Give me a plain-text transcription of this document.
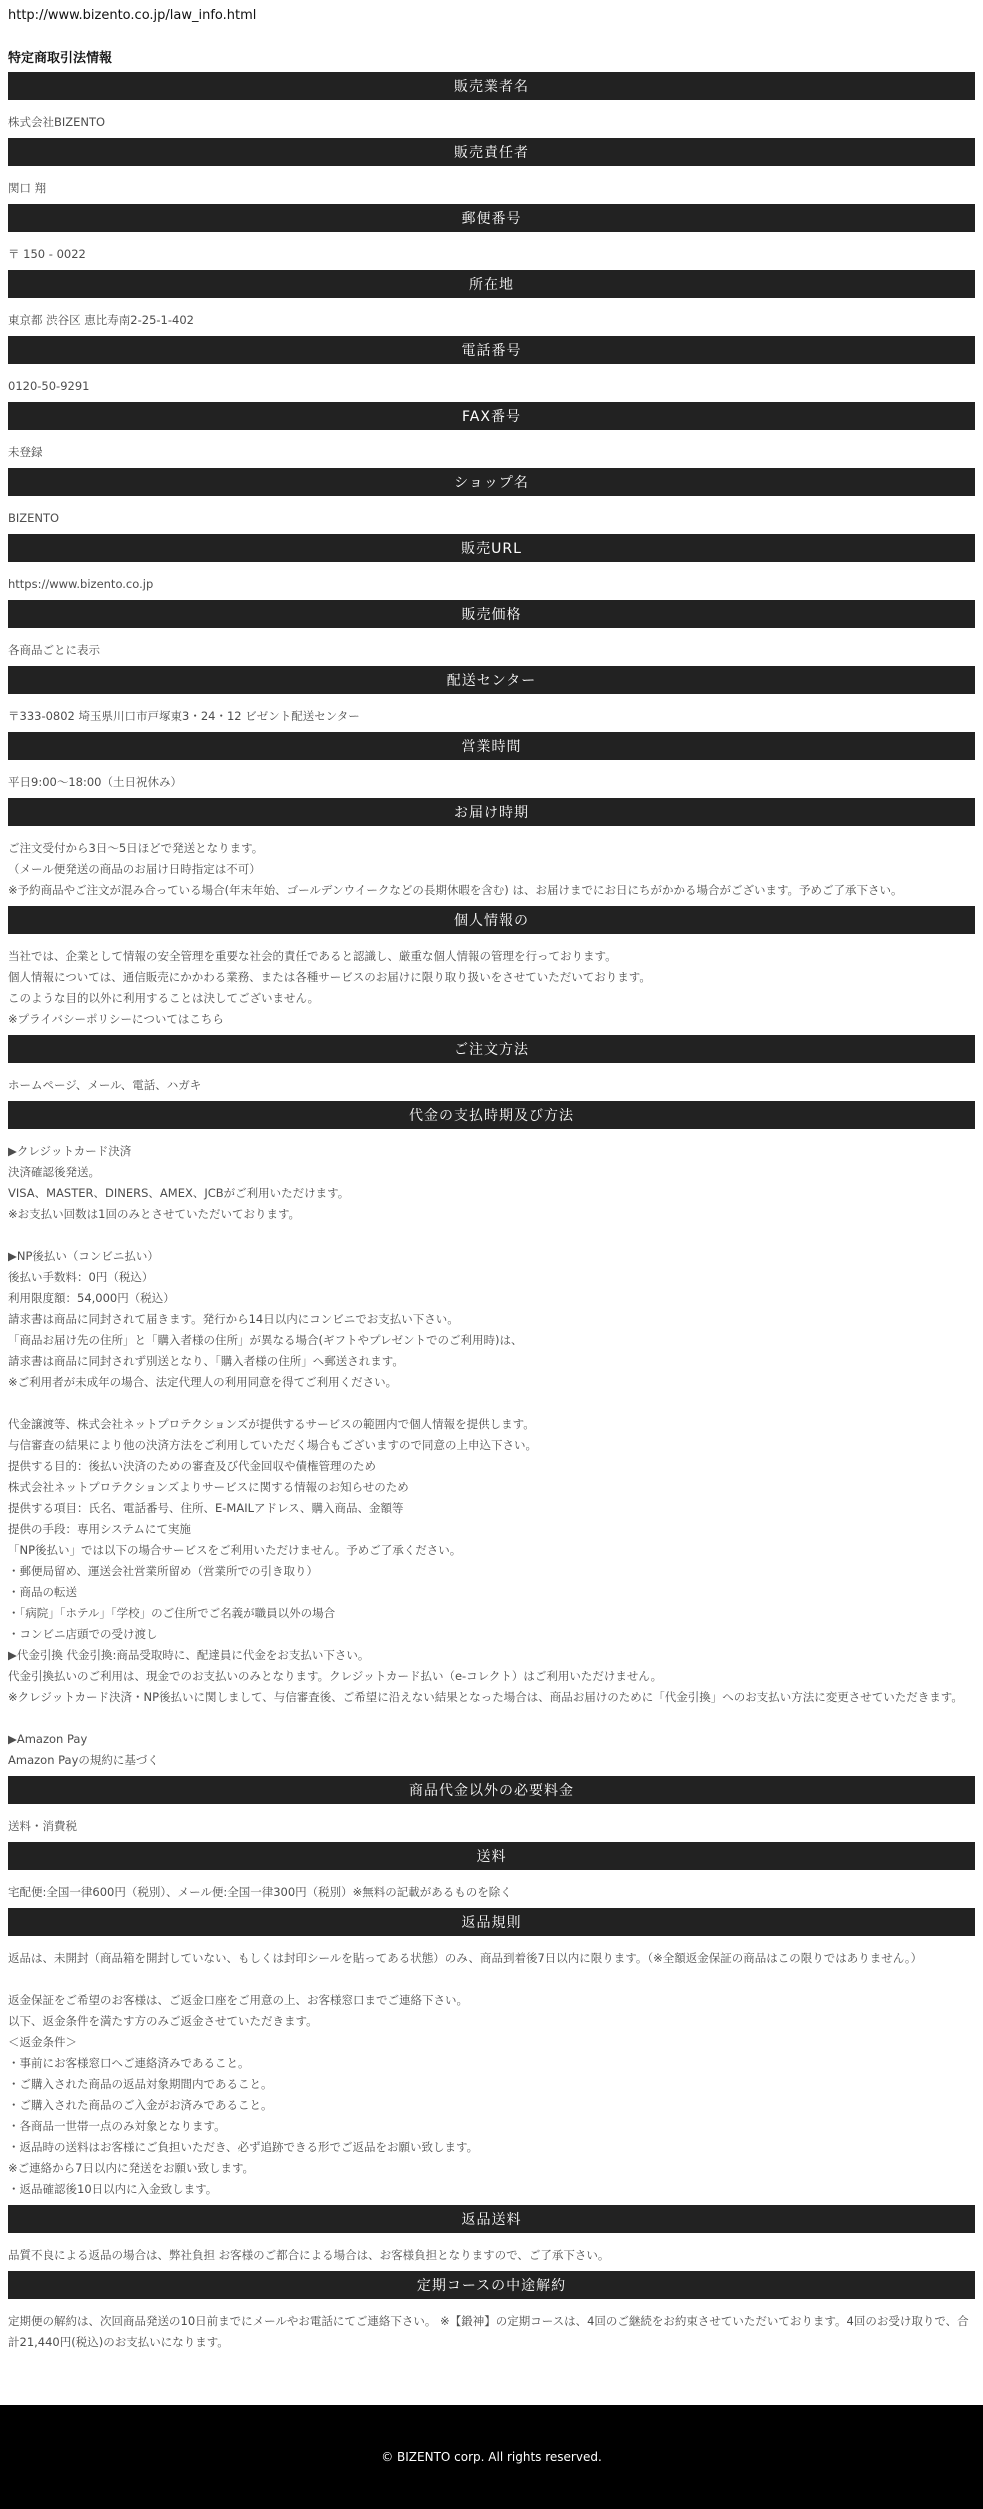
http://www.bizento.co.jp/law_info.html

特定商取引法情報

販売業者名

株式会社BIZENTO

販売責任者

関口 翔

郵便番号

〒 150 - 0022

所在地

東京都 渋谷区 恵比寿南2-25-1-402

電話番号

0120-50-9291

FAX番号

未登録

ショップ名

BIZENTO

販売URL

https://www.bizento.co.jp

販売価格

各商品ごとに表示

配送センター

〒333-0802 埼玉県川口市戸塚東3・24・12 ビゼント配送センター

営業時間

平日9:00～18:00（土日祝休み）

お届け時期

ご注文受付から3日～5日ほどで発送となります。

（メール便発送の商品のお届け日時指定は不可）

※予約商品やご注文が混み合っている場合(年末年始、ゴールデンウイークなどの長期休暇を含む) は、お届けまでにお日にちがかかる場合がございます。予めご了承下さい。

個人情報の

当社では、企業として情報の安全管理を重要な社会的責任であると認識し、厳重な個人情報の管理を行っております。

個人情報については、通信販売にかかわる業務、または各種サービスのお届けに限り取り扱いをさせていただいております。

このような目的以外に利用することは決してございません。

※プライバシーポリシーについてはこちら

ご注文方法

ホームページ、メール、電話、ハガキ

代金の支払時期及び方法

▶クレジットカード決済

決済確認後発送。

VISA、MASTER、DINERS、AMEX、JCBがご利用いただけます。

※お支払い回数は1回のみとさせていただいております。

▶NP後払い（コンビニ払い）

後払い手数料：0円（税込）

利用限度額：54,000円（税込）

請求書は商品に同封されて届きます。発行から14日以内にコンビニでお支払い下さい。

「商品お届け先の住所」と「購入者様の住所」が異なる場合(ギフトやプレゼントでのご利用時)は、

請求書は商品に同封されず別送となり、「購入者様の住所」へ郵送されます。

※ご利用者が未成年の場合、法定代理人の利用同意を得てご利用ください。

代金譲渡等、株式会社ネットプロテクションズが提供するサービスの範囲内で個人情報を提供します。

与信審査の結果により他の決済方法をご利用していただく場合もございますので同意の上申込下さい。

提供する目的：後払い決済のための審査及び代金回収や債権管理のため

株式会社ネットプロテクションズよりサービスに関する情報のお知らせのため

提供する項目：氏名、電話番号、住所、E-MAILアドレス、購入商品、金額等

提供の手段：専用システムにて実施

「NP後払い」では以下の場合サービスをご利用いただけません。予めご了承ください。

・郵便局留め、運送会社営業所留め（営業所での引き取り）

・商品の転送

・「病院」「ホテル」「学校」のご住所でご名義が職員以外の場合

・コンビニ店頭での受け渡し

▶代金引換 代金引換:商品受取時に、配達員に代金をお支払い下さい。

代金引換払いのご利用は、現金でのお支払いのみとなります。クレジットカード払い（e-コレクト）はご利用いただけません。

※クレジットカード決済・NP後払いに関しまして、与信審査後、ご希望に沿えない結果となった場合は、商品お届けのために「代金引換」へのお支払い方法に変更させていただきます。

▶Amazon Pay

Amazon Payの規約に基づく

商品代金以外の必要料金

送料・消費税

送料

宅配便:全国一律600円（税別）、メール便:全国一律300円（税別）※無料の記載があるものを除く

返品規則

返品は、未開封（商品箱を開封していない、もしくは封印シールを貼ってある状態）のみ、商品到着後7日以内に限ります。（※全額返金保証の商品はこの限りではありません。）

返金保証をご希望のお客様は、ご返金口座をご用意の上、お客様窓口までご連絡下さい。

以下、返金条件を満たす方のみご返金させていただきます。

＜返金条件＞

・事前にお客様窓口へご連絡済みであること。

・ご購入された商品の返品対象期間内であること。

・ご購入された商品のご入金がお済みであること。

・各商品一世帯一点のみ対象となります。

・返品時の送料はお客様にご負担いただき、必ず追跡できる形でご返品をお願い致します。

※ご連絡から7日以内に発送をお願い致します。

・返品確認後10日以内に入金致します。

返品送料

品質不良による返品の場合は、弊社負担 お客様のご都合による場合は、お客様負担となりますので、ご了承下さい。

定期コースの中途解約

定期便の解約は、次回商品発送の10日前までにメールやお電話にてご連絡下さい。 ※【鍛神】の定期コースは、4回のご継続をお約束させていただいております。4回のお受け取りで、合計21,440円(税込)のお支払いになります。

© BIZENTO corp. All rights reserved.
